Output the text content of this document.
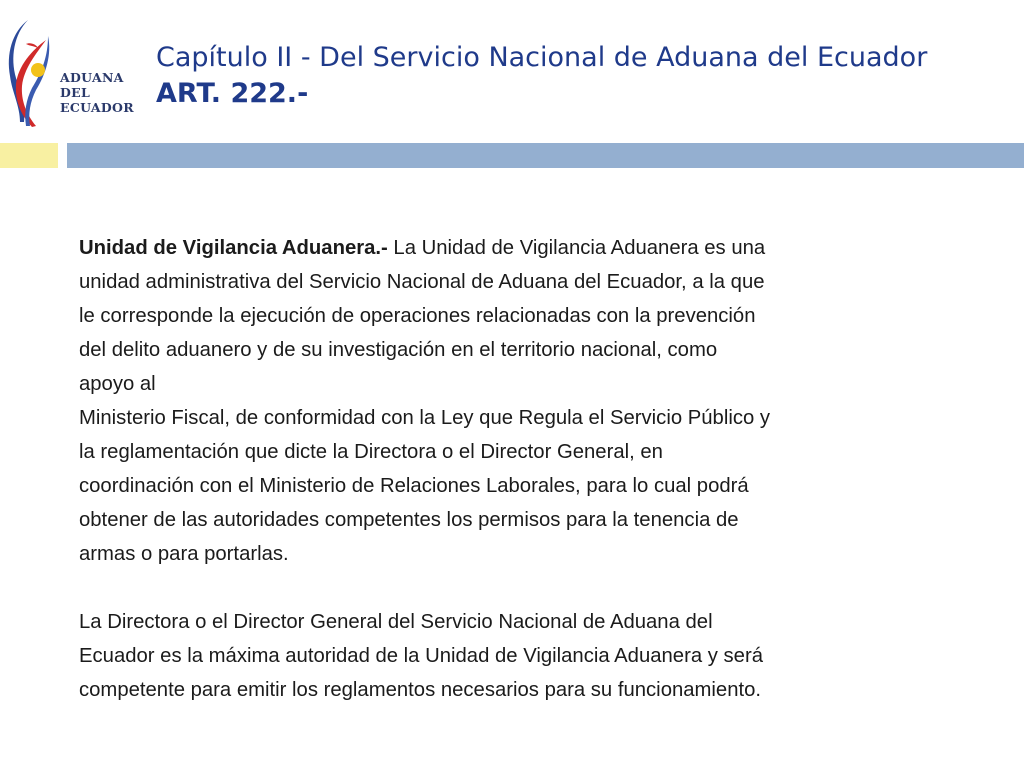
ADUANA
DEL
ECUADOR
Capítulo II - Del Servicio Nacional de Aduana del Ecuador
ART. 222.-
Unidad de Vigilancia Aduanera.- La Unidad de Vigilancia Aduanera es una
unidad administrativa del Servicio Nacional de Aduana del Ecuador, a la que
le corresponde la ejecución de operaciones relacionadas con la prevención
del delito aduanero y de su investigación en el territorio nacional, como
apoyo al
Ministerio Fiscal, de conformidad con la Ley que Regula el Servicio Público y
la reglamentación que dicte la Directora o el Director General, en
coordinación con el Ministerio de Relaciones Laborales, para lo cual podrá
obtener de las autoridades competentes los permisos para la tenencia de
armas o para portarlas.
La Directora o el Director General del Servicio Nacional de Aduana del
Ecuador es la máxima autoridad de la Unidad de Vigilancia Aduanera y será
competente para emitir los reglamentos necesarios para su funcionamiento.
